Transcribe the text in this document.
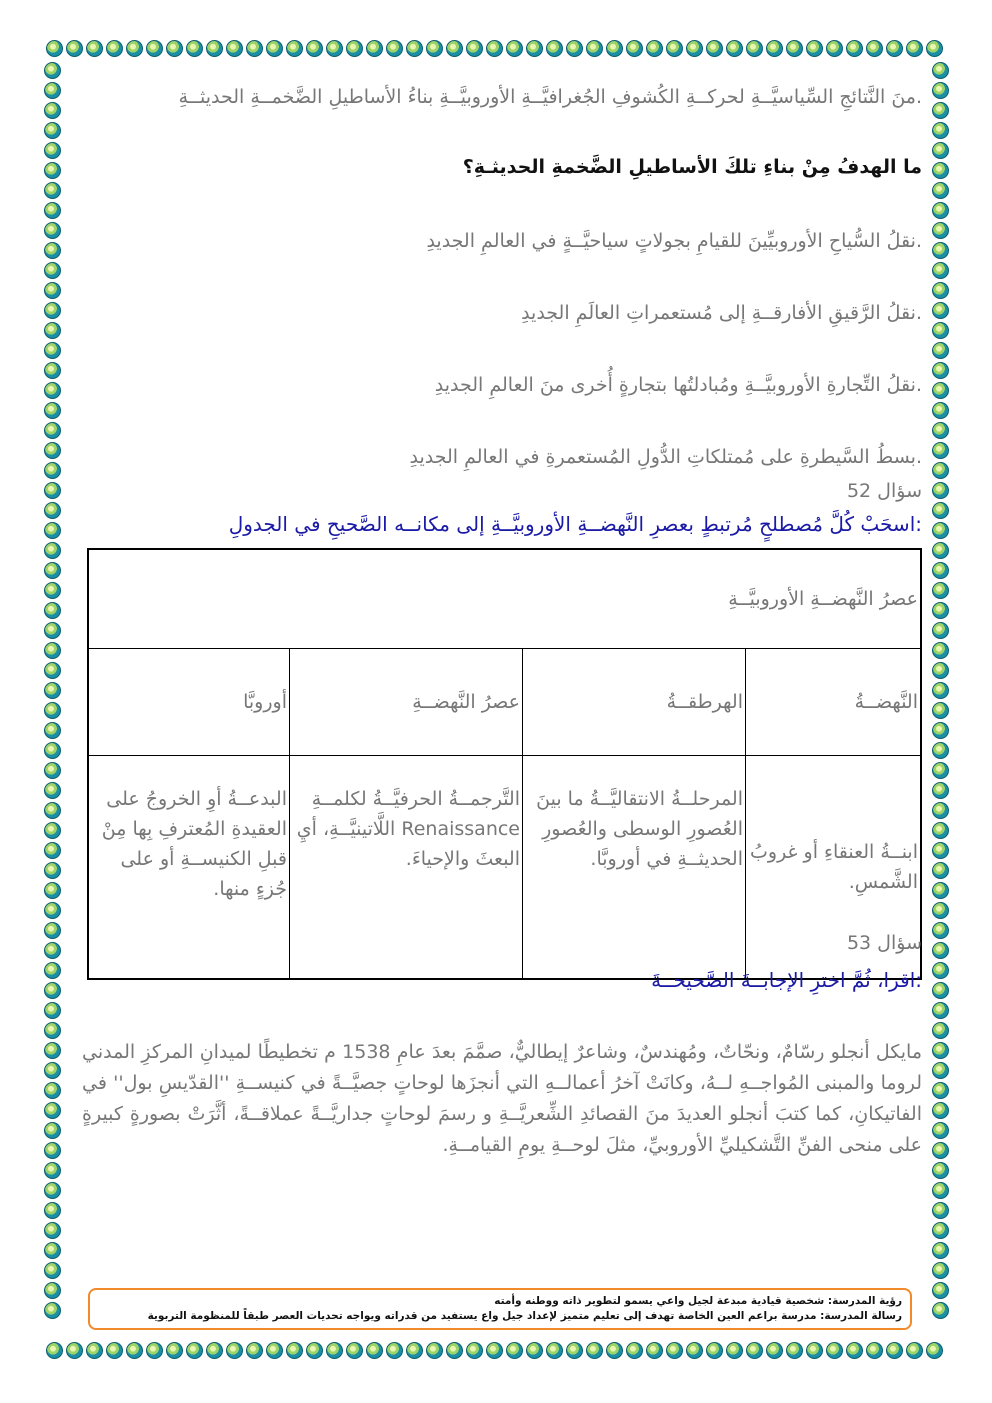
.منَ النَّتائجِ السِّياسيَّــةِ لحركــةِ الكُشوفِ الجُغرافيَّــةِ الأوروبيَّــةِ بناءُ الأساطيلِ الضَّخمــةِ الحديثــةِ
ما الهدفُ مِنْ بناءِ تلكَ الأساطيلِ الضَّخمةِ الحديثـةِ؟
.نقلُ السُّياحِ الأوروبيِّينَ للقيامِ بجولاتٍ سياحيَّــةٍ في العالمِ الجديدِ
.نقلُ الرَّقيقِ الأفارقــةِ إلى مُستعمراتِ العالَمِ الجديدِ
.نقلُ التِّجارةِ الأوروبيَّــةِ ومُبادلتُها بتجارةٍ أُخرى منَ العالمِ الجديدِ
.بسطُ السَّيطرةِ على مُمتلكاتِ الدُّولِ المُستعمرةِ في العالمِ الجديدِ
سؤال 52
:اسحَبْ كُلَّ مُصطلحٍ مُرتبطٍ بعصرِ النَّهضــةِ الأوروبيَّــةِ إلى مكانــه الصَّحيحِ في الجدولِ
عصرُ النَّهضــةِ الأوروبيَّــةِ			
النَّهضــةُ	الهرطقــةُ	عصرُ النَّهضــةِ	أوروبَّا
ابنــةُ العنقاءِ أو غروبُ الشَّمسِ.	المرحلــةُ الانتقاليَّــةُ ما بينَ العُصورِ الوسطى والعُصورِ الحديثــةِ في أوروبَّا.	التَّرجمــةُ الحرفيَّــةُ لكلمــةِ Renaissance اللَّاتينيَّــةِ، أيِ البعثَ والإحياءَ.	البدعــةُ أوِ الخروجُ على العقيدةِ المُعترفِ بِها مِنْ قبلِ الكنيســةِ أو على جُزءٍ منها.
سؤال 53
:اقرا، ثُمَّ اخترِ الإجابــةَ الصَّحيحــةَ
مايكل أنجلو رسّامٌ، ونحّاتٌ، ومُهندسٌ، وشاعرٌ إيطاليٌّ، صمَّمَ بعدَ عامِ 1538 م تخطيطًا لميدانِ المركزِ المدني لروما والمبنى المُواجــهِ لــهُ، وكانَتْ آخرُ أعمالــهِ التي أنجزَها لوحاتٍ جصيَّــةً في كنيســةِ ''القدّيسِ بول'' في الفاتيكانِ، كما كتبَ أنجلو العديدَ منَ القصائدِ الشِّعريَّــةِ و رسمَ لوحاتٍ جداريَّــةً عملاقــةً، أثَّرَتْ بصورةٍ كبيرةٍ على منحى الفنِّ التَّشكيليِّ الأوروبيِّ، مثلَ لوحــةِ يومِ القيامــةِ.
رؤية المدرسة: شخصية قيادية مبدعة لجيل واعي يسمو لتطوير ذاته ووطنه وأمته
رسالة المدرسة: مدرسة براعم العين الخاصة تهدف إلى تعليم متميز لإعداد جيل واع يستفيد من قدراته ويواجه تحديات العصر طبقاً للمنظومة التربوية
